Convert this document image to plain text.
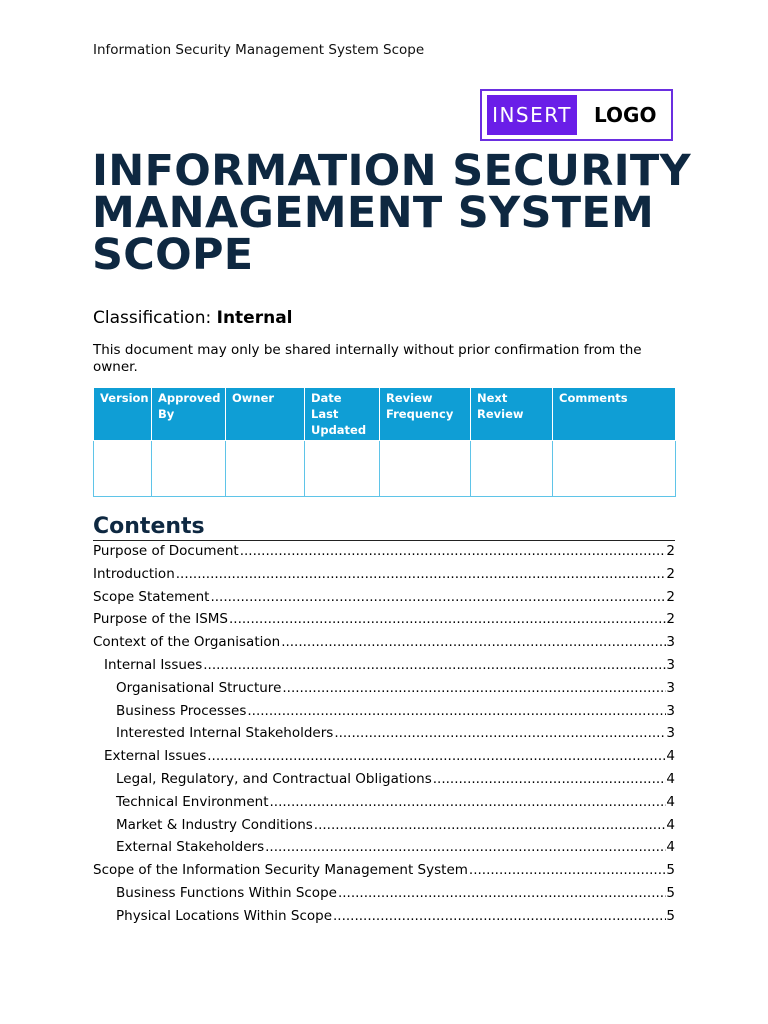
Information Security Management System Scope
INSERT LOGO
INFORMATION SECURITY MANAGEMENT SYSTEM SCOPE
Classification: Internal

This document may only be shared internally without prior confirmation from the owner.

Version	Approved By	Owner	Date Last Updated	Review Frequency	Next Review	Comments

Contents
Purpose of Document .....	2
Introduction .....	2
Scope Statement .....	2
Purpose of the ISMS .....	2
Context of the Organisation .....	3
Internal Issues .....	3
Organisational Structure .....	3
Business Processes .....	3
Interested Internal Stakeholders .....	3
External Issues .....	4
Legal, Regulatory, and Contractual Obligations .....	4
Technical Environment .....	4
Market & Industry Conditions .....	4
External Stakeholders .....	4
Scope of the Information Security Management System .....	5
Business Functions Within Scope .....	5
Physical Locations Within Scope .....	5
